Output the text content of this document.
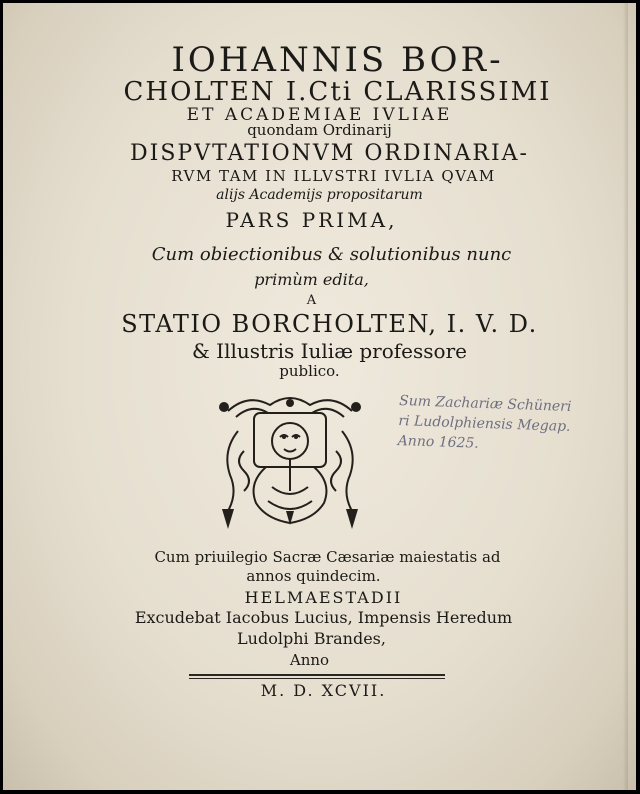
IOHANNIS BOR-
CHOLTEN I.Cti CLARISSIMI
ET ACADEMIAE IVLIAE
quondam Ordinarij
DISPVTATIONVM ORDINARIA-
RVM TAM IN ILLVSTRI IVLIA QVAM
alijs Academijs propositarum
PARS PRIMA,
Cum obiectionibus & solutionibus nunc
primùm edita,
A
STATIO BORCHOLTEN, I. V. D.
& Illustris Iuliæ professore
publico.
Sum Zachariæ Schüneri
ri Ludolphiensis Megap.
Anno 1625.
Cum priuilegio Sacræ Cæsariæ maiestatis ad
annos quindecim.
HELMAESTADII
Excudebat Iacobus Lucius, Impensis Heredum
Ludolphi Brandes,
Anno
M. D. XCVII.
